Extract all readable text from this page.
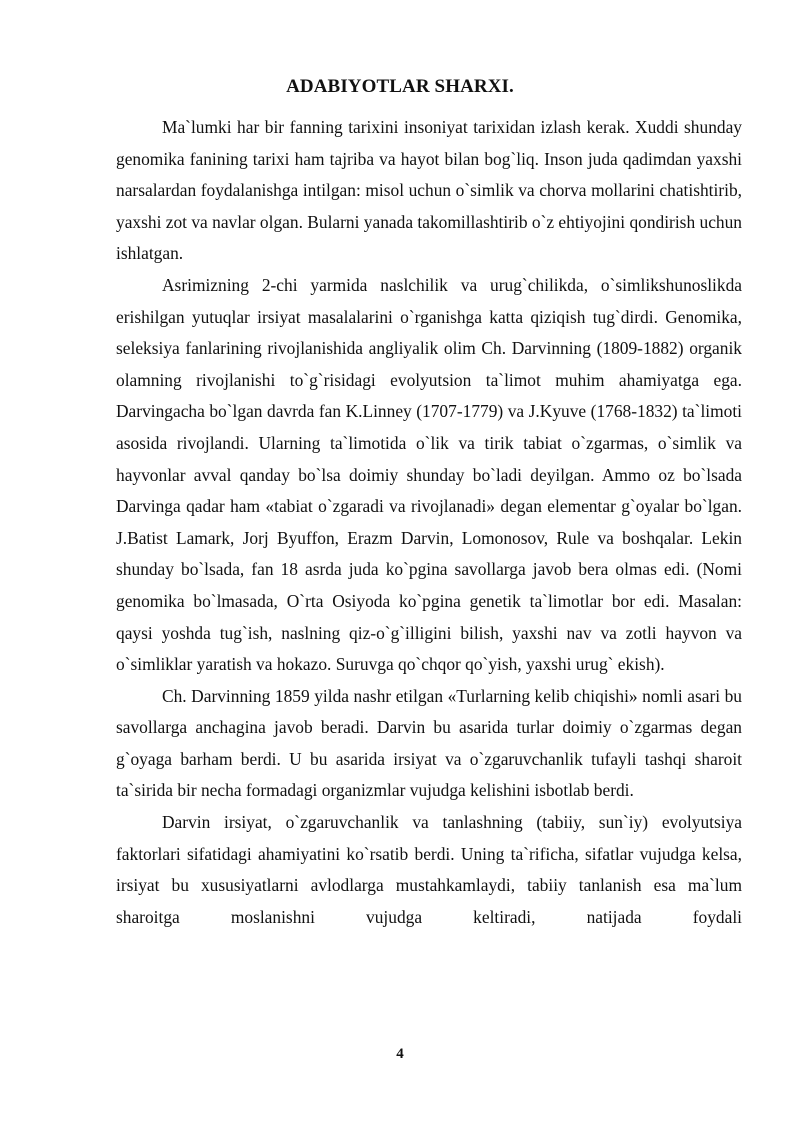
ADABIYOTLAR SHARXI.

Ma`lumki har bir fanning tarixini insoniyat tarixidan izlash kerak. Xuddi shunday genomika fanining tarixi ham tajriba va hayot bilan bog`liq. Inson juda qadimdan yaxshi narsalardan foydalanishga intilgan: misol uchun o`simlik va chorva mollarini chatishtirib, yaxshi zot va navlar olgan. Bularni yanada takomillashtirib o`z ehtiyojini qondirish uchun ishlatgan.

Asrimizning 2-chi yarmida naslchilik va urug`chilikda, o`simlikshunoslikda erishilgan yutuqlar irsiyat masalalarini o`rganishga katta qiziqish tug`dirdi. Genomika, seleksiya fanlarining rivojlanishida angliyalik olim Ch. Darvinning (1809-1882) organik olamning rivojlanishi to`g`risidagi evolyutsion ta`limot muhim ahamiyatga ega. Darvingacha bo`lgan davrda fan K.Linney (1707-1779) va J.Kyuve (1768-1832) ta`limoti asosida rivojlandi. Ularning ta`limotida o`lik va tirik tabiat o`zgarmas, o`simlik va hayvonlar avval qanday bo`lsa doimiy shunday bo`ladi deyilgan. Ammo oz bo`lsada Darvinga qadar ham «tabiat o`zgaradi va rivojlanadi» degan elementar g`oyalar bo`lgan. J.Batist Lamark, Jorj Byuffon, Erazm Darvin, Lomonosov, Rule va boshqalar. Lekin shunday bo`lsada, fan 18 asrda juda ko`pgina savollarga javob bera olmas edi. (Nomi genomika bo`lmasada, O`rta Osiyoda ko`pgina genetik ta`limotlar bor edi. Masalan: qaysi yoshda tug`ish, naslning qiz-o`g`illigini bilish, yaxshi nav va zotli hayvon va o`simliklar yaratish va hokazo. Suruvga qo`chqor qo`yish, yaxshi urug` ekish).

Ch. Darvinning 1859 yilda nashr etilgan «Turlarning kelib chiqishi» nomli asari bu savollarga anchagina javob beradi. Darvin bu asarida turlar doimiy o`zgarmas degan g`oyaga barham berdi. U bu asarida irsiyat va o`zgaruvchanlik tufayli tashqi sharoit ta`sirida bir necha formadagi organizmlar vujudga kelishini isbotlab berdi.

Darvin irsiyat, o`zgaruvchanlik va tanlashning (tabiiy, sun`iy) evolyutsiya faktorlari sifatidagi ahamiyatini ko`rsatib berdi. Uning ta`rificha, sifatlar vujudga kelsa, irsiyat bu xususiyatlarni avlodlarga mustahkamlaydi, tabiiy tanlanish esa ma`lum sharoitga moslanishni vujudga keltiradi, natijada foydali

4
